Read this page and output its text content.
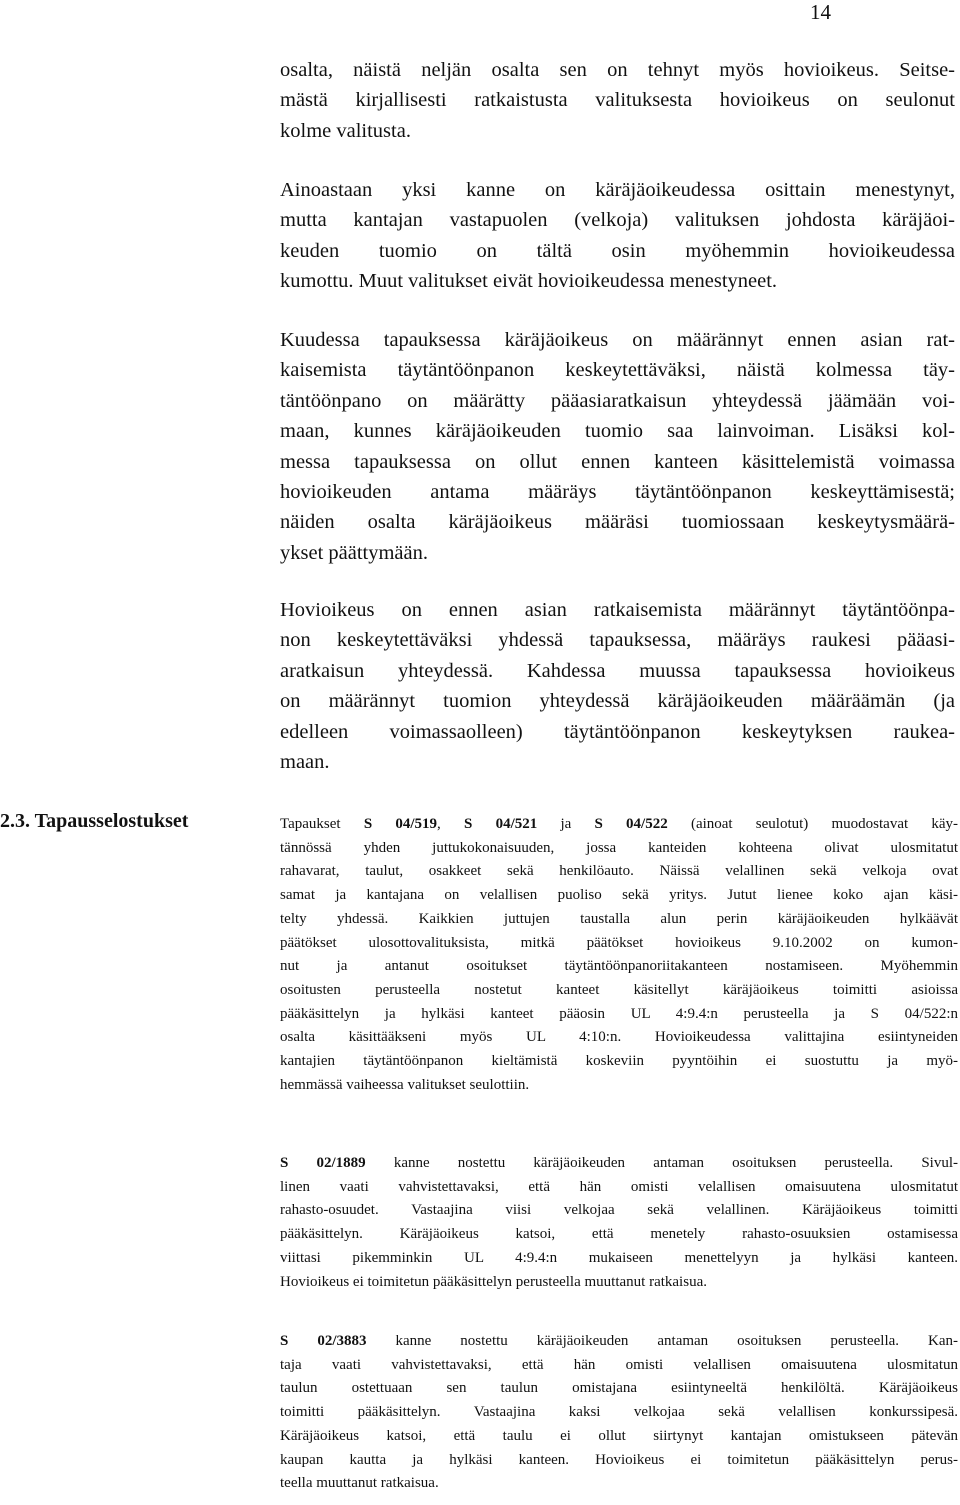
14

osalta, näistä neljän osalta sen on tehnyt myös hovioikeus. Seitse-
mästä kirjallisesti ratkaistusta valituksesta hovioikeus on seulonut
kolme valitusta.

Ainoastaan yksi kanne on käräjäoikeudessa osittain menestynyt,
mutta kantajan vastapuolen (velkoja) valituksen johdosta käräjäoi-
keuden tuomio on tältä osin myöhemmin hovioikeudessa
kumottu. Muut valitukset eivät hovioikeudessa menestyneet.

Kuudessa tapauksessa käräjäoikeus on määrännyt ennen asian rat-
kaisemista täytäntöönpanon keskeytettäväksi, näistä kolmessa täy-
täntöönpano on määrätty pääasiaratkaisun yhteydessä jäämään voi-
maan, kunnes käräjäoikeuden tuomio saa lainvoiman. Lisäksi kol-
messa tapauksessa on ollut ennen kanteen käsittelemistä voimassa
hovioikeuden antama määräys täytäntöönpanon keskeyttämisestä;
näiden osalta käräjäoikeus määräsi tuomiossaan keskeytysmäärä-
ykset päättymään.

Hovioikeus on ennen asian ratkaisemista määrännyt täytäntöönpa-
non keskeytettäväksi yhdessä tapauksessa, määräys raukesi pääasi-
aratkaisun yhteydessä. Kahdessa muussa tapauksessa hovioikeus
on määrännyt tuomion yhteydessä käräjäoikeuden määräämän (ja
edelleen voimassaolleen) täytäntöönpanon keskeytyksen raukea-
maan.

2.3. Tapausselostukset	Tapaukset S 04/519, S 04/521 ja S 04/522 (ainoat seulotut) muodostavat käy-
tännössä yhden juttukokonaisuuden, jossa kanteiden kohteena olivat ulosmitatut
rahavarat, taulut, osakkeet sekä henkilöauto. Näissä velallinen sekä velkoja ovat
samat ja kantajana on velallisen puoliso sekä yritys. Jutut lienee koko ajan käsi-
telty yhdessä. Kaikkien juttujen taustalla alun perin käräjäoikeuden hylkäävät
päätökset ulosottovalituksista, mitkä päätökset hovioikeus 9.10.2002 on kumon-
nut ja antanut osoitukset täytäntöönpanoriitakanteen nostamiseen. Myöhemmin
osoitusten perusteella nostetut kanteet käsitellyt käräjäoikeus toimitti asioissa
pääkäsittelyn ja hylkäsi kanteet pääosin UL 4:9.4:n perusteella ja S 04/522:n
osalta käsittääkseni myös UL 4:10:n. Hovioikeudessa valittajina esiintyneiden
kantajien täytäntöönpanon kieltämistä koskeviin pyyntöihin ei suostuttu ja myö-
hemmässä vaiheessa valitukset seulottiin.

S 02/1889 kanne nostettu käräjäoikeuden antaman osoituksen perusteella. Sivul-
linen vaati vahvistettavaksi, että hän omisti velallisen omaisuutena ulosmitatut
rahasto-osuudet. Vastaajina viisi velkojaa sekä velallinen. Käräjäoikeus toimitti
pääkäsittelyn. Käräjäoikeus katsoi, että menetely rahasto-osuuksien ostamisessa
viittasi pikemminkin UL 4:9.4:n mukaiseen menettelyyn ja hylkäsi kanteen.
Hovioikeus ei toimitetun pääkäsittelyn perusteella muuttanut ratkaisua.

S 02/3883 kanne nostettu käräjäoikeuden antaman osoituksen perusteella. Kan-
taja vaati vahvistettavaksi, että hän omisti velallisen omaisuutena ulosmitatun
taulun ostettuaan sen taulun omistajana esiintyneeltä henkilöltä. Käräjäoikeus
toimitti pääkäsittelyn. Vastaajina kaksi velkojaa sekä velallisen konkurssipesä.
Käräjäoikeus katsoi, että taulu ei ollut siirtynyt kantajan omistukseen pätevän
kaupan kautta ja hylkäsi kanteen. Hovioikeus ei toimitetun pääkäsittelyn perus-
teella muuttanut ratkaisua.
